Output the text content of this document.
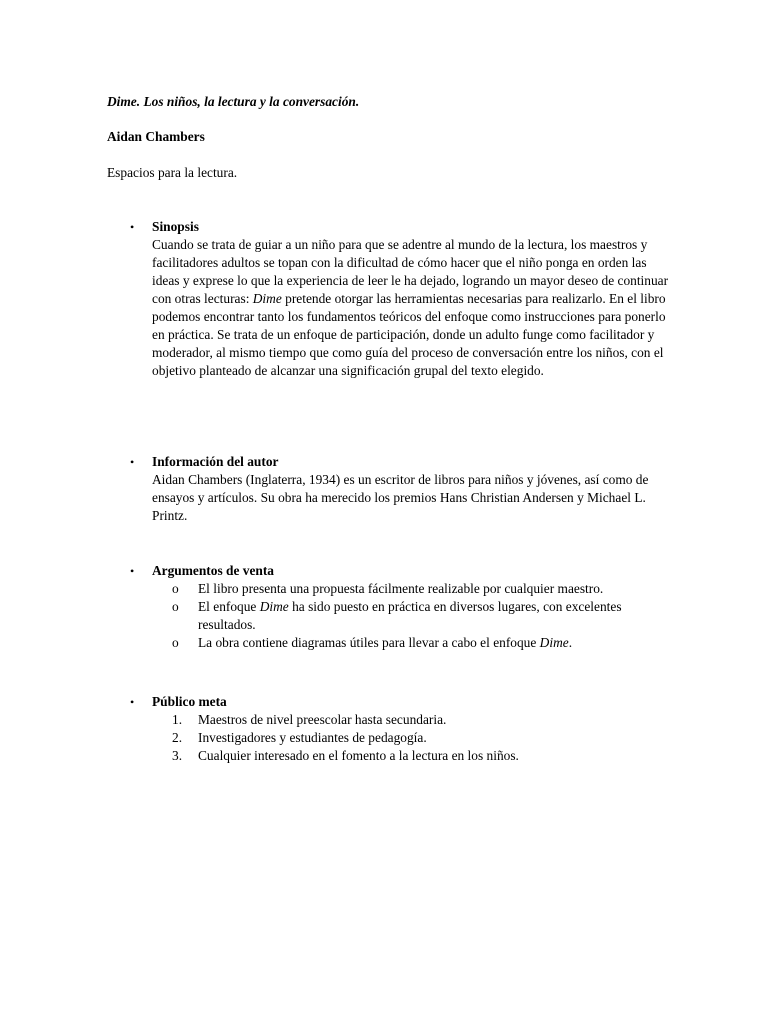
Dime. Los niños, la lectura y la conversación.

Aidan Chambers

Espacios para la lectura.

• Sinopsis
Cuando se trata de guiar a un niño para que se adentre al mundo de la lectura, los maestros y facilitadores adultos se topan con la dificultad de cómo hacer que el niño ponga en orden las ideas y exprese lo que la experiencia de leer le ha dejado, logrando un mayor deseo de continuar con otras lecturas: Dime pretende otorgar las herramientas necesarias para realizarlo. En el libro podemos encontrar tanto los fundamentos teóricos del enfoque como instrucciones para ponerlo en práctica. Se trata de un enfoque de participación, donde un adulto funge como facilitador y moderador, al mismo tiempo que como guía del proceso de conversación entre los niños, con el objetivo planteado de alcanzar una significación grupal del texto elegido.
• Información del autor
Aidan Chambers (Inglaterra, 1934) es un escritor de libros para niños y jóvenes, así como de ensayos y artículos. Su obra ha merecido los premios Hans Christian Andersen y Michael L. Printz.
• Argumentos de venta
o El libro presenta una propuesta fácilmente realizable por cualquier maestro.
o El enfoque Dime ha sido puesto en práctica en diversos lugares, con excelentes resultados.
o La obra contiene diagramas útiles para llevar a cabo el enfoque Dime.
• Público meta
1. Maestros de nivel preescolar hasta secundaria.
2. Investigadores y estudiantes de pedagogía.
3. Cualquier interesado en el fomento a la lectura en los niños.
